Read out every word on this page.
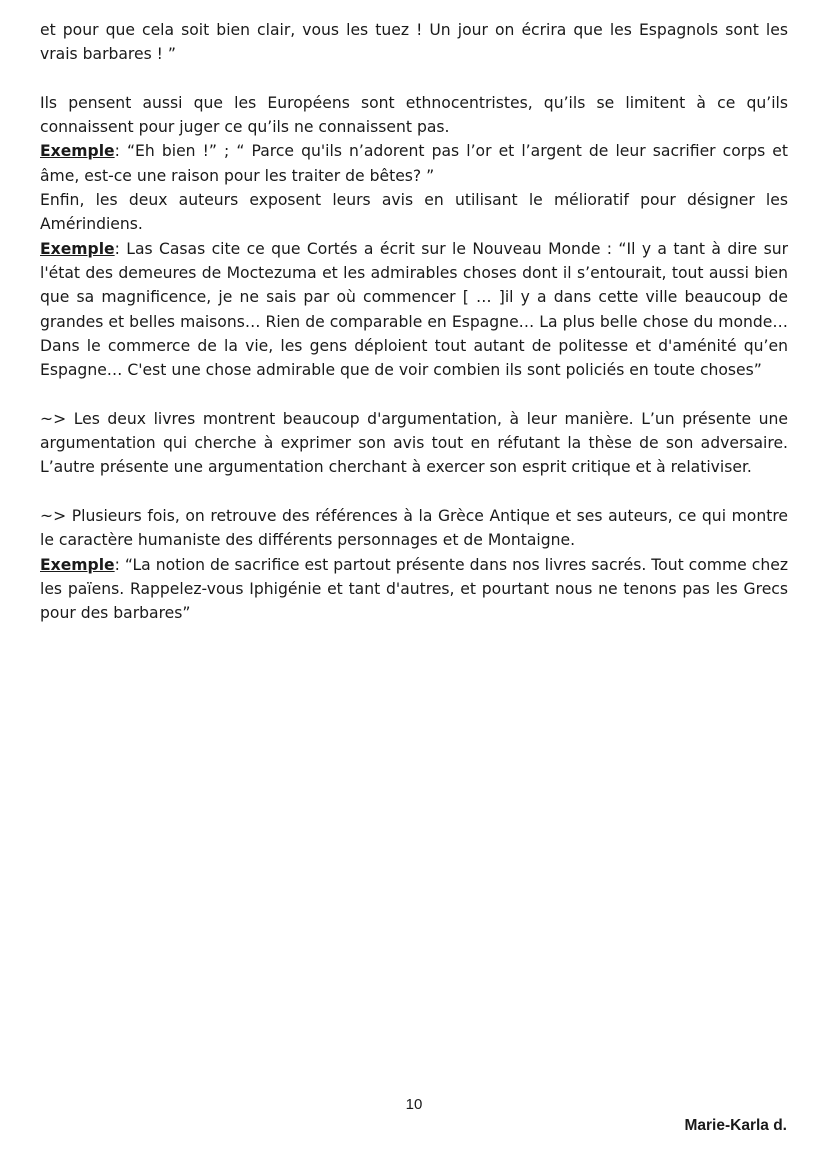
et pour que cela soit bien clair, vous les tuez ! Un jour on écrira que les Espagnols sont les vrais barbares ! ”

Ils pensent aussi que les Européens sont ethnocentristes, qu’ils se limitent à ce qu’ils connaissent pour juger ce qu’ils ne connaissent pas.

Exemple: “Eh bien !” ; “ Parce qu'ils n’adorent pas l’or et l’argent de leur sacrifier corps et âme, est-ce une raison pour les traiter de bêtes? ”

Enfin, les deux auteurs exposent leurs avis en utilisant le mélioratif pour désigner les Amérindiens.

Exemple: Las Casas cite ce que Cortés a écrit sur le Nouveau Monde : “Il y a tant à dire sur l'état des demeures de Moctezuma et les admirables choses dont il s’entourait, tout aussi bien que sa magnificence, je ne sais par où commencer [ … ]il y a dans cette ville beaucoup de grandes et belles maisons… Rien de comparable en Espagne… La plus belle chose du monde… Dans le commerce de la vie, les gens déploient tout autant de politesse et d'aménité qu’en Espagne… C'est une chose admirable que de voir combien ils sont policiés en toute choses”

~> Les deux livres montrent beaucoup d'argumentation, à leur manière. L’un présente une argumentation qui cherche à exprimer son avis tout en réfutant la thèse de son adversaire. L’autre présente une argumentation cherchant à exercer son esprit critique et à relativiser.

~> Plusieurs fois, on retrouve des références à la Grèce Antique et ses auteurs, ce qui montre le caractère humaniste des différents personnages et de Montaigne.

Exemple: “La notion de sacrifice est partout présente dans nos livres sacrés. Tout comme chez les païens. Rappelez-vous Iphigénie et tant d'autres, et pourtant nous ne tenons pas les Grecs pour des barbares”

10
Marie-Karla d.
